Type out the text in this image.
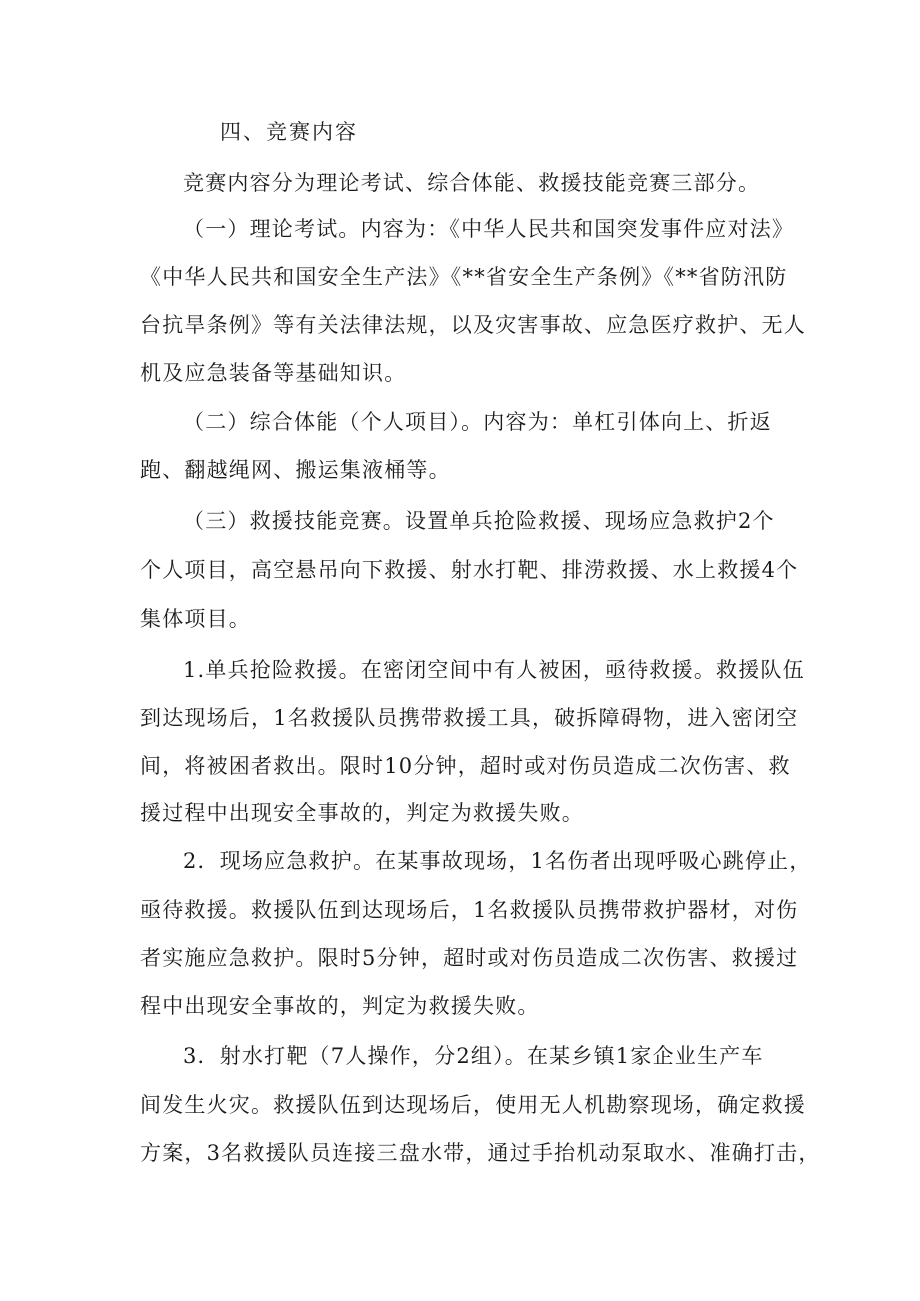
四、竞赛内容
竞赛内容分为理论考试、综合体能、救援技能竞赛三部分。
（一）理论考试。内容为：《中华人民共和国突发事件应对法》
《中华人民共和国安全生产法》《**省安全生产条例》《**省防汛防
台抗旱条例》等有关法律法规，以及灾害事故、应急医疗救护、无人
机及应急装备等基础知识。
（二）综合体能（个人项目）。内容为：单杠引体向上、折返
跑、翻越绳网、搬运集液桶等。
（三）救援技能竞赛。设置单兵抢险救援、现场应急救护2个
个人项目，高空悬吊向下救援、射水打靶、排涝救援、水上救援4个
集体项目。
1.单兵抢险救援。在密闭空间中有人被困，亟待救援。救援队伍
到达现场后，1名救援队员携带救援工具，破拆障碍物，进入密闭空
间，将被困者救出。限时10分钟，超时或对伤员造成二次伤害、救
援过程中出现安全事故的，判定为救援失败。
2．现场应急救护。在某事故现场，1名伤者出现呼吸心跳停止，
亟待救援。救援队伍到达现场后，1名救援队员携带救护器材，对伤
者实施应急救护。限时5分钟，超时或对伤员造成二次伤害、救援过
程中出现安全事故的，判定为救援失败。
3．射水打靶（7人操作，分2组）。在某乡镇1家企业生产车
间发生火灾。救援队伍到达现场后，使用无人机勘察现场，确定救援
方案，3名救援队员连接三盘水带，通过手抬机动泵取水、准确打击，
